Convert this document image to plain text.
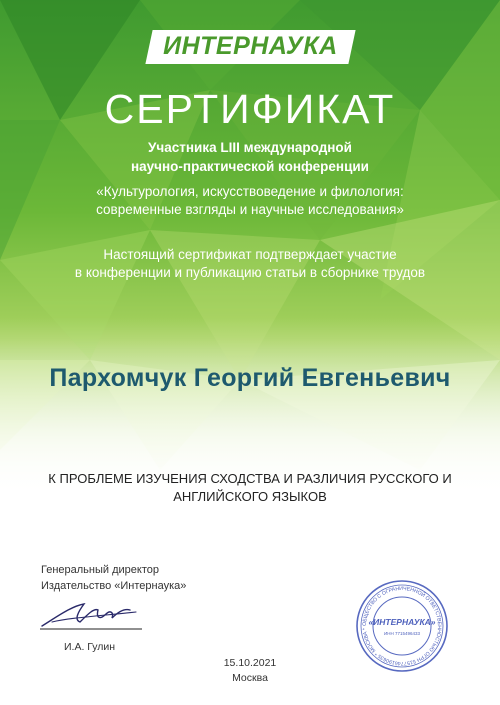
ИНТЕРНАУКА
СЕРТИФИКАТ
Участника LIII международной
научно-практической конференции
«Культурология, искусствоведение и филология:
современные взгляды и научные исследования»
Настоящий сертификат подтверждает участие
в конференции и публикацию статьи в сборнике трудов
Пархомчук Георгий Евгеньевич
К ПРОБЛЕМЕ ИЗУЧЕНИЯ СХОДСТВА И РАЗЛИЧИЯ РУССКОГО И
АНГЛИЙСКОГО ЯЗЫКОВ
Генеральный директор
Издательство «Интернаука»
И.А. Гулин
15.10.2021
Москва
ОБЩЕСТВО С ОГРАНИЧЕННОЙ ОТВЕТСТВЕННОСТЬЮ ОГРН 5157746190635 * МОСКВА *
«ИНТЕРНАУКА»
ИНН 7715496433
